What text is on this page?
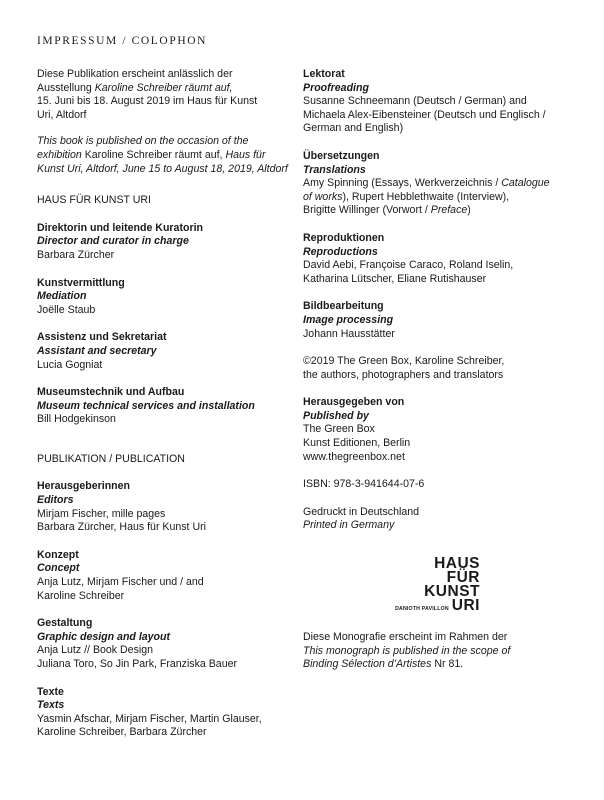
IMPRESSUM / COLOPHON

Diese Publikation erscheint anlässlich der
Ausstellung Karoline Schreiber räumt auf,
15. Juni bis 18. August 2019 im Haus für Kunst
Uri, Altdorf

This book is published on the occasion of the
exhibition Karoline Schreiber räumt auf, Haus für
Kunst Uri, Altdorf, June 15 to August 18, 2019, Altdorf

HAUS FÜR KUNST URI
Direktorin und leitende Kuratorin
Director and curator in charge
Barbara Zürcher
Kunstvermittlung
Mediation
Joëlle Staub
Assistenz und Sekretariat
Assistant and secretary
Lucia Gogniat
Museumstechnik und Aufbau
Museum technical services and installation
Bill Hodgekinson
PUBLIKATION / PUBLICATION
Herausgeberinnen
Editors
Mirjam Fischer, mille pages
Barbara Zürcher, Haus für Kunst Uri
Konzept
Concept
Anja Lutz, Mirjam Fischer und / and
Karoline Schreiber
Gestaltung
Graphic design and layout
Anja Lutz // Book Design
Juliana Toro, So Jin Park, Franziska Bauer
Texte
Texts
Yasmin Afschar, Mirjam Fischer, Martin Glauser,
Karoline Schreiber, Barbara Zürcher
Lektorat
Proofreading
Susanne Schneemann (Deutsch / German) and
Michaela Alex-Eibensteiner (Deutsch und Englisch /
German and English)
Übersetzungen
Translations
Amy Spinning (Essays, Werkverzeichnis / Catalogue
of works), Rupert Hebblethwaite (Interview),
Brigitte Willinger (Vorwort / Preface)
Reproduktionen
Reproductions
David Aebi, Françoise Caraco, Roland Iselin,
Katharina Lütscher, Eliane Rutishauser
Bildbearbeitung
Image processing
Johann Hausstätter
©2019 The Green Box, Karoline Schreiber,
the authors, photographers and translators
Herausgegeben von
Published by
The Green Box
Kunst Editionen, Berlin
www.thegreenbox.net
ISBN: 978-3-941644-07-6
Gedruckt in Deutschland
Printed in Germany
HAUS
FÜR
KUNST
DANIOTH PAVILLON URI
Diese Monografie erscheint im Rahmen der
This monograph is published in the scope of
Binding Sélection d’Artistes Nr 81.
